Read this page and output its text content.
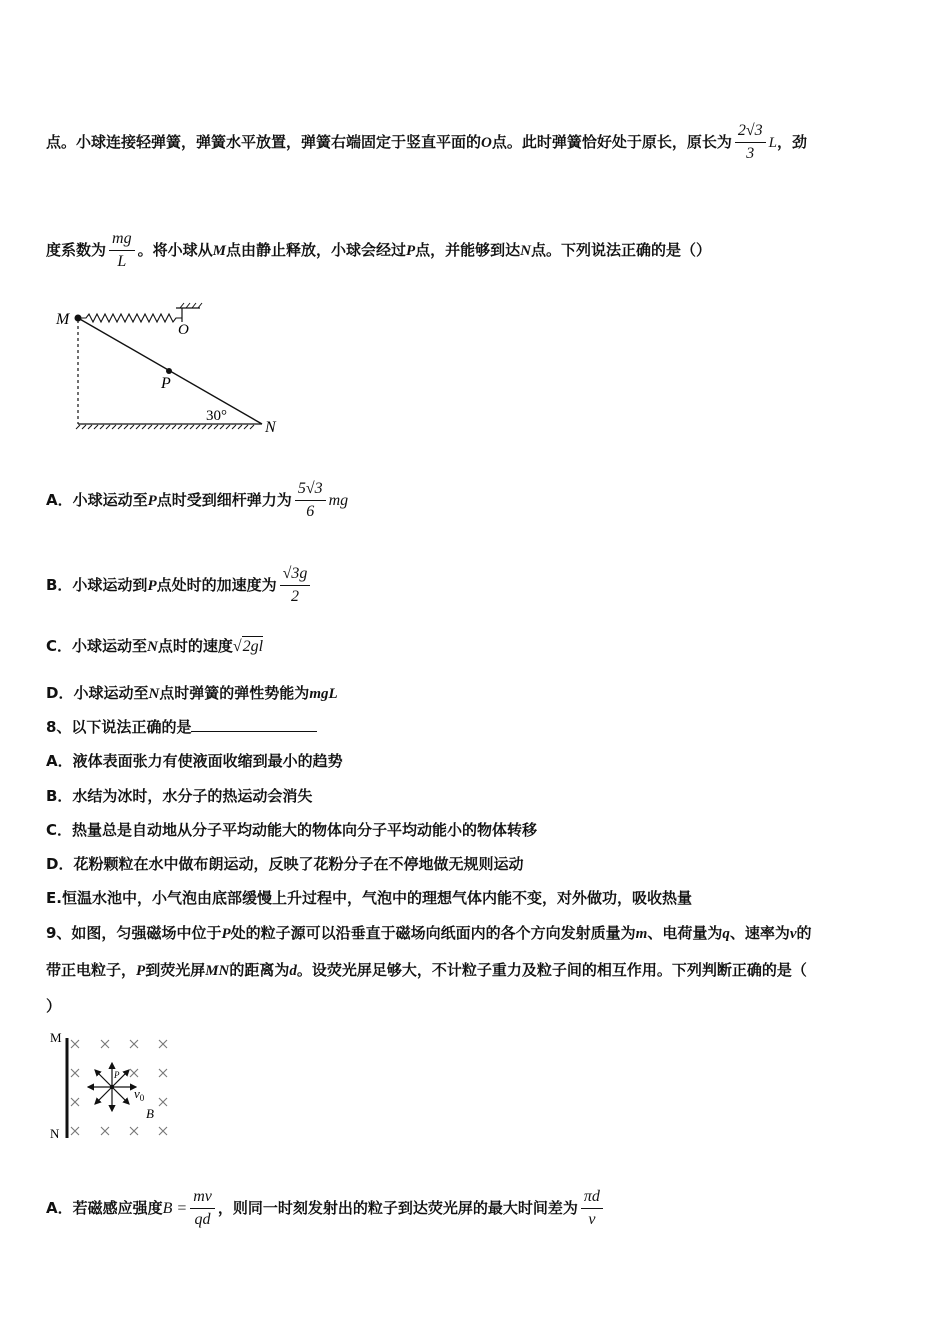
点。小球连接轻弹簧，弹簧水平放置，弹簧右端固定于竖直平面的O点。此时弹簧恰好处于原长，原长为 $\frac{2√3}{3}$ L，劲
度系数为 $\frac{mg}{L}$ 。将小球从M点由静止释放，小球会经过P点，并能够到达N点。下列说法正确的是（）
M
O
P
N
30°
A．小球运动至P点时受到细杆弹力为 $\frac{5√3}{6}$ mg
B．小球运动到P点处时的加速度为 $\frac{√3g}{2}$
C．小球运动至N点时的速度√2gl
D．小球运动至N点时弹簧的弹性势能为mgL
8、以下说法正确的是
A．液体表面张力有使液面收缩到最小的趋势
B．水结为冰时，水分子的热运动会消失
C．热量总是自动地从分子平均动能大的物体向分子平均动能小的物体转移
D．花粉颗粒在水中做布朗运动，反映了花粉分子在不停地做无规则运动
E.恒温水池中，小气泡由底部缓慢上升过程中，气泡中的理想气体内能不变，对外做功，吸收热量
9、如图，匀强磁场中位于P处的粒子源可以沿垂直于磁场向纸面内的各个方向发射质量为m、电荷量为q、速率为v的
带正电粒子，P到荧光屏MN的距离为d。设荧光屏足够大，不计粒子重力及粒子间的相互作用。下列判断正确的是（
）
M
N
P
$v_0$
B
A．若磁感应强度$B = \frac{mv}{qd}$ ，则同一时刻发射出的粒子到达荧光屏的最大时间差为 $\frac{\pi d}{v}$
